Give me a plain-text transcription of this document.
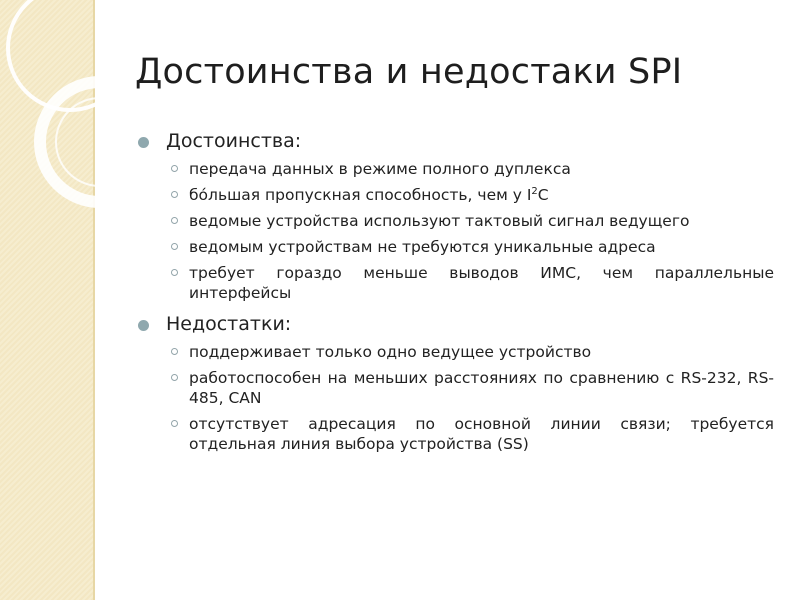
Достоинства и недостаки SPI
Достоинства:
передача данных в режиме полного дуплекса
бóльшая пропускная способность, чем у $I^2C$
ведомые устройства используют тактовый сигнал ведущего
ведомым устройствам не требуются уникальные адреса
требует гораздо меньше выводов ИМС, чем параллельные интерфейсы
Недостатки:
поддерживает только одно ведущее устройство
работоспособен на меньших расстояниях по сравнению с RS-232, RS-485, CAN
отсутствует адресация по основной линии связи; требуется отдельная линия выбора устройства (SS)
